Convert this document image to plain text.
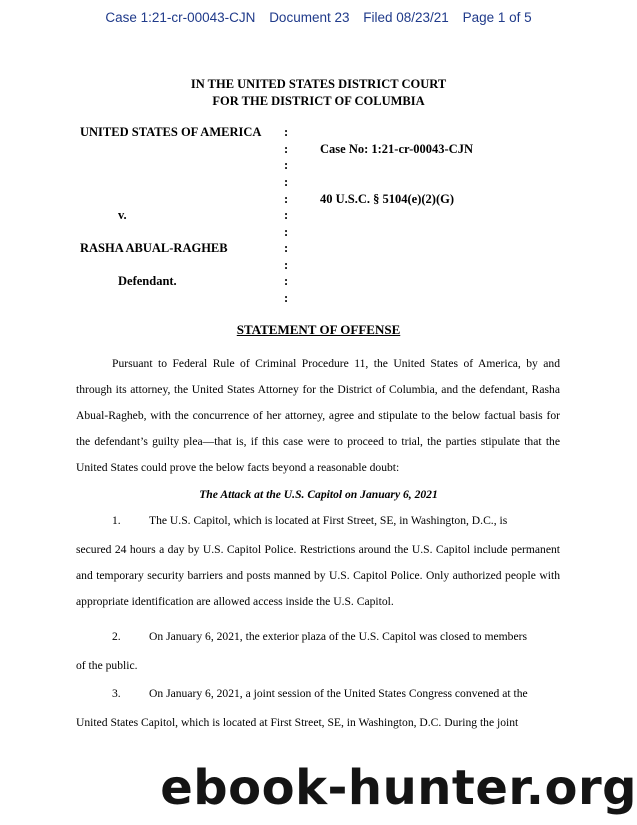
Case 1:21-cr-00043-CJN Document 23 Filed 08/23/21 Page 1 of 5
IN THE UNITED STATES DISTRICT COURT
FOR THE DISTRICT OF COLUMBIA
UNITED STATES OF AMERICA
v.
RASHA ABUAL-RAGHEB
Defendant.
Case No: 1:21-cr-00043-CJN
40 U.S.C. § 5104(e)(2)(G)
:
:
:
:
:
:
:
:
:
:
:
STATEMENT OF OFFENSE
Pursuant to Federal Rule of Criminal Procedure 11, the United States of America, by and through its attorney, the United States Attorney for the District of Columbia, and the defendant, Rasha Abual-Ragheb, with the concurrence of her attorney, agree and stipulate to the below factual basis for the defendant’s guilty plea—that is, if this case were to proceed to trial, the parties stipulate that the United States could prove the below facts beyond a reasonable doubt:
The Attack at the U.S. Capitol on January 6, 2021
1. The U.S. Capitol, which is located at First Street, SE, in Washington, D.C., is
secured 24 hours a day by U.S. Capitol Police. Restrictions around the U.S. Capitol include permanent and temporary security barriers and posts manned by U.S. Capitol Police. Only authorized people with appropriate identification are allowed access inside the U.S. Capitol.
2. On January 6, 2021, the exterior plaza of the U.S. Capitol was closed to members
of the public.
3. On January 6, 2021, a joint session of the United States Congress convened at the
United States Capitol, which is located at First Street, SE, in Washington, D.C. During the joint
ebook-hunter.org
